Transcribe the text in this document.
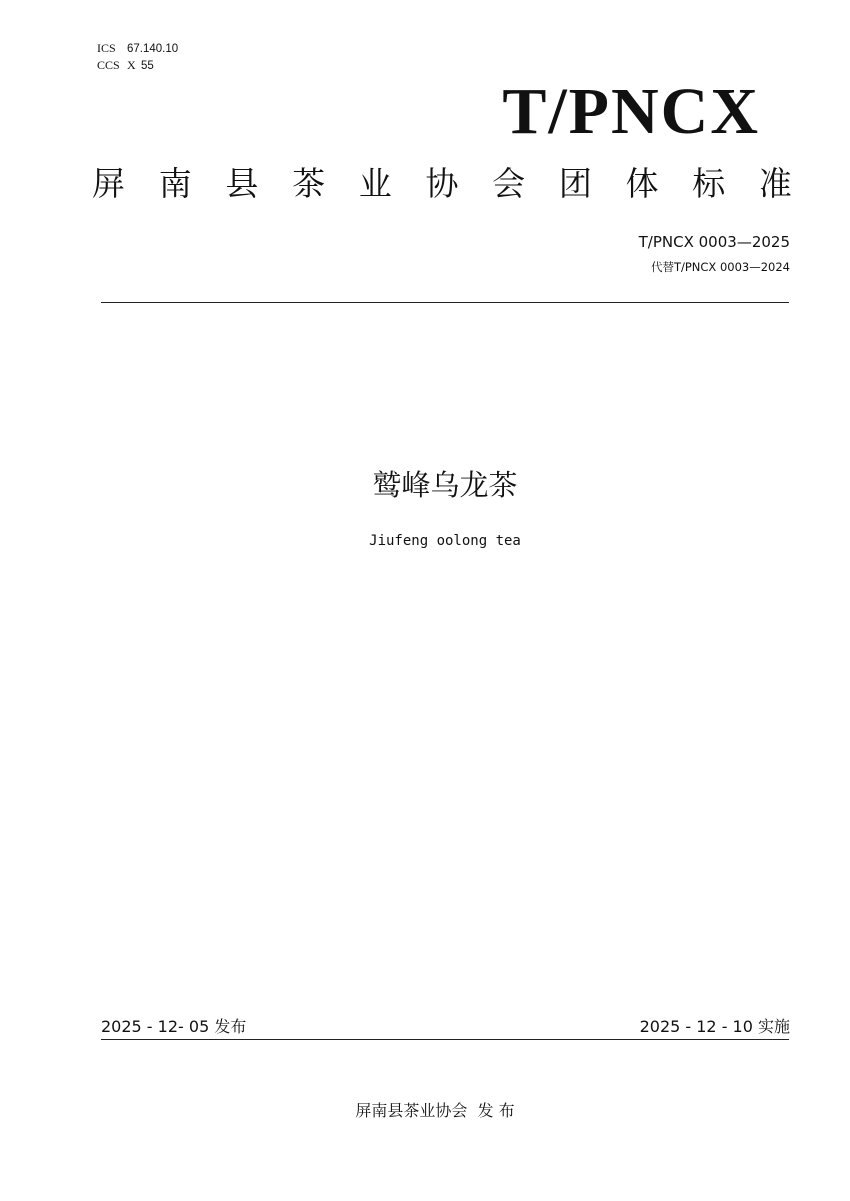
ICS 67.140.10
CCS X 55
T/PNCX
屏 南 县 茶 业 协 会 团 体 标 准
T/PNCX 0003—2025
代替T/PNCX 0003—2024
鹫峰乌龙茶
Jiufeng oolong tea
2025 - 12- 05 发布	2025 - 12 - 10 实施
屏南县茶业协会  发 布
